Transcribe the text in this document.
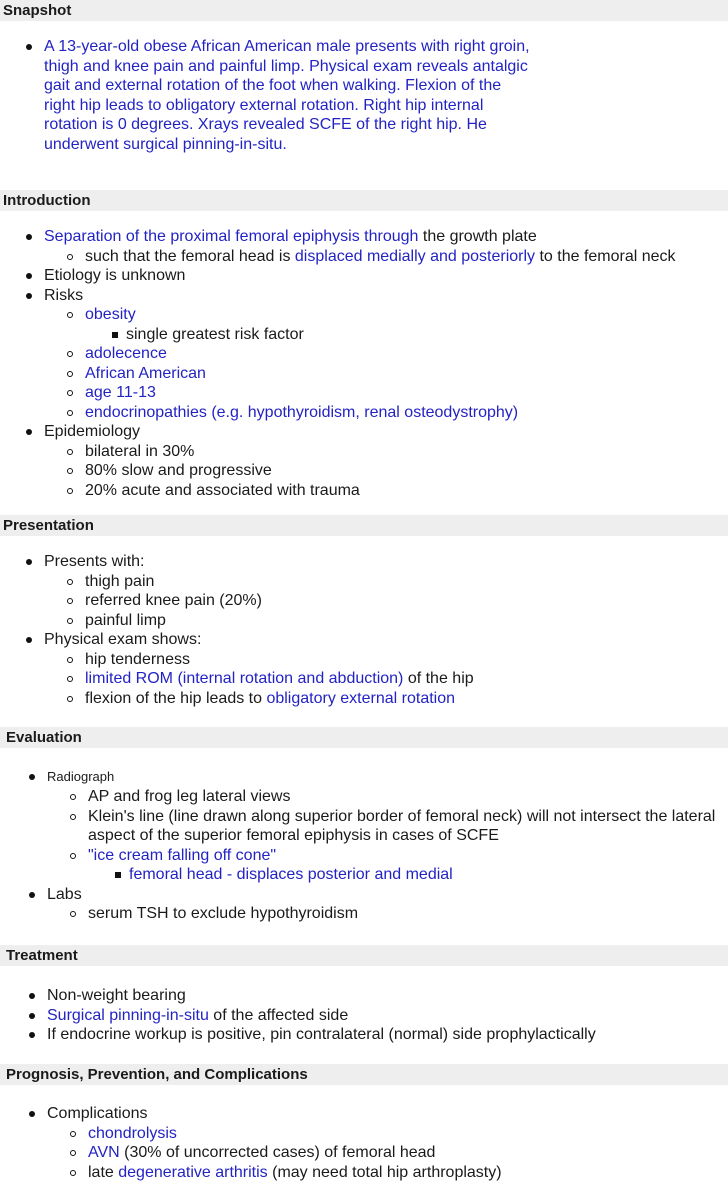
Snapshot
A 13-year-old obese African American male presents with right groin,
thigh and knee pain and painful limp. Physical exam reveals antalgic
gait and external rotation of the foot when walking. Flexion of the
right hip leads to obligatory external rotation. Right hip internal
rotation is 0 degrees. Xrays revealed SCFE of the right hip. He
underwent surgical pinning-in-situ.
Introduction
Separation of the proximal femoral epiphysis through the growth plate
such that the femoral head is displaced medially and posteriorly to the femoral neck
Etiology is unknown
Risks
obesity
single greatest risk factor
adolecence
African American
age 11-13
endocrinopathies (e.g. hypothyroidism, renal osteodystrophy)
Epidemiology
bilateral in 30%
80% slow and progressive
20% acute and associated with trauma
Presentation
Presents with:
thigh pain
referred knee pain (20%)
painful limp
Physical exam shows:
hip tenderness
limited ROM (internal rotation and abduction) of the hip
flexion of the hip leads to obligatory external rotation
Evaluation
Radiograph
AP and frog leg lateral views
Klein's line (line drawn along superior border of femoral neck) will not intersect the lateral
aspect of the superior femoral epiphysis in cases of SCFE
"ice cream falling off cone"
femoral head - displaces posterior and medial
Labs
serum TSH to exclude hypothyroidism
Treatment
Non-weight bearing
Surgical pinning-in-situ of the affected side
If endocrine workup is positive, pin contralateral (normal) side prophylactically
Prognosis, Prevention, and Complications
Complications
chondrolysis
AVN (30% of uncorrected cases) of femoral head
late degenerative arthritis (may need total hip arthroplasty)
